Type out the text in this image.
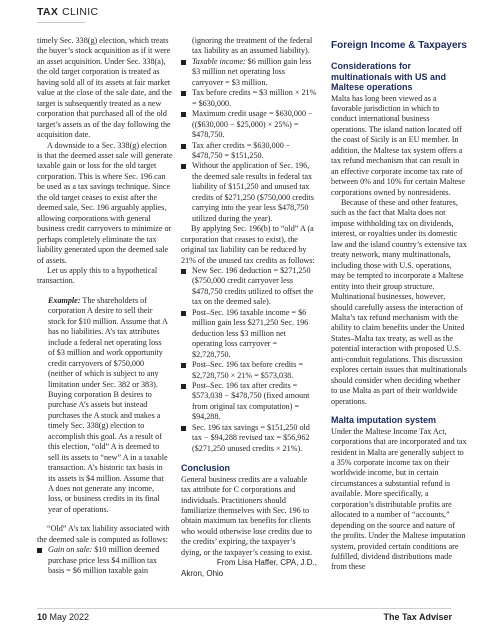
TAX CLINIC

timely Sec. 338(g) election, which treats the buyer’s stock acquisition as if it were an asset acquisition. Under Sec. 338(a), the old target corporation is treated as having sold all of its assets at fair market value at the close of the sale date, and the target is subsequently treated as a new corporation that purchased all of the old target’s assets as of the day following the acquisition date.

A downside to a Sec. 338(g) election is that the deemed asset sale will generate taxable gain or loss for the old target corporation. This is where Sec. 196 can be used as a tax savings technique. Since the old target ceases to exist after the deemed sale, Sec. 196 arguably applies, allowing corporations with general business credit carryovers to minimize or perhaps completely eliminate the tax liability generated upon the deemed sale of assets.

Let us apply this to a hypothetical transaction.

Example: The shareholders of corporation A desire to sell their stock for $10 million. Assume that A has no liabilities. A’s tax attributes include a federal net operating loss of $3 million and work opportunity credit carryovers of $750,000 (neither of which is subject to any limitation under Sec. 382 or 383). Buying corporation B desires to purchase A’s assets but instead purchases the A stock and makes a timely Sec. 338(g) election to accomplish this goal. As a result of this election, “old” A is deemed to sell its assets to “new” A in a taxable transaction. A’s historic tax basis in its assets is $4 million. Assume that A does not generate any income, loss, or business credits in its final year of operations.

“Old” A’s tax liability associated with the deemed sale is computed as follows:

Gain on sale: $10 million deemed purchase price less $4 million tax basis = $6 million taxable gain

(ignoring the treatment of the federal tax liability as an assumed liability).

Taxable income: $6 million gain less $3 million net operating loss carryover = $3 million.
Tax before credits = $3 million × 21% = $630,000.
Maximum credit usage = $630,000 − (($630,000 − $25,000) × 25%) = $478,750.
Tax after credits = $630,000 − $478,750 = $151,250.
Without the application of Sec. 196, the deemed sale results in federal tax liability of $151,250 and unused tax credits of $271,250 ($750,000 credits carrying into the year less $478,750 utilized during the year).

By applying Sec. 196(b) to “old” A (a corporation that ceases to exist), the original tax liability can be reduced by 21% of the unused tax credits as follows:

New Sec. 196 deduction = $271,250 ($750,000 credit carryover less $478,750 credits utilized to offset the tax on the deemed sale).
Post–Sec. 196 taxable income = $6 million gain less $271,250 Sec. 196 deduction less $3 million net operating loss carryover = $2,728,750.
Post–Sec. 196 tax before credits = $2,728,750 × 21% = $573,038.
Post–Sec. 196 tax after credits = $573,038 − $478,750 (fixed amount from original tax computation) = $94,288.
Sec. 196 tax savings = $151,250 old tax − $94,288 revised tax = $56,962 ($271,250 unused credits × 21%).

Conclusion

General business credits are a valuable tax attribute for C corporations and individuals. Practitioners should familiarize themselves with Sec. 196 to obtain maximum tax benefits for clients who would otherwise lose credits due to the credits’ expiring, the taxpayer’s dying, or the taxpayer’s ceasing to exist.

From Lisa Haffer, CPA, J.D.,

Akron, Ohio

Foreign Income & Taxpayers

Considerations for multinationals with US and Maltese operations

Malta has long been viewed as a favorable jurisdiction in which to conduct international business operations. The island nation located off the coast of Sicily is an EU member. In addition, the Maltese tax system offers a tax refund mechanism that can result in an effective corporate income tax rate of between 0% and 10% for certain Maltese corporations owned by nonresidents.

Because of these and other features, such as the fact that Malta does not impose withholding tax on dividends, interest, or royalties under its domestic law and the island country’s extensive tax treaty network, many multinationals, including those with U.S. operations, may be tempted to incorporate a Maltese entity into their group structure. Multinational businesses, however, should carefully assess the interaction of Malta’s tax refund mechanism with the ability to claim benefits under the United States–Malta tax treaty, as well as the potential interaction with proposed U.S. anti-conduit regulations. This discussion explores certain issues that multinationals should consider when deciding whether to use Malta as part of their worldwide operations.

Malta imputation system

Under the Maltese Income Tax Act, corporations that are incorporated and tax resident in Malta are generally subject to a 35% corporate income tax on their worldwide income, but in certain circumstances a substantial refund is available. More specifically, a corporation’s distributable profits are allocated to a number of “accounts,” depending on the source and nature of the profits. Under the Maltese imputation system, provided certain conditions are fulfilled, dividend distributions made from these

10 May 2022	The Tax Adviser
